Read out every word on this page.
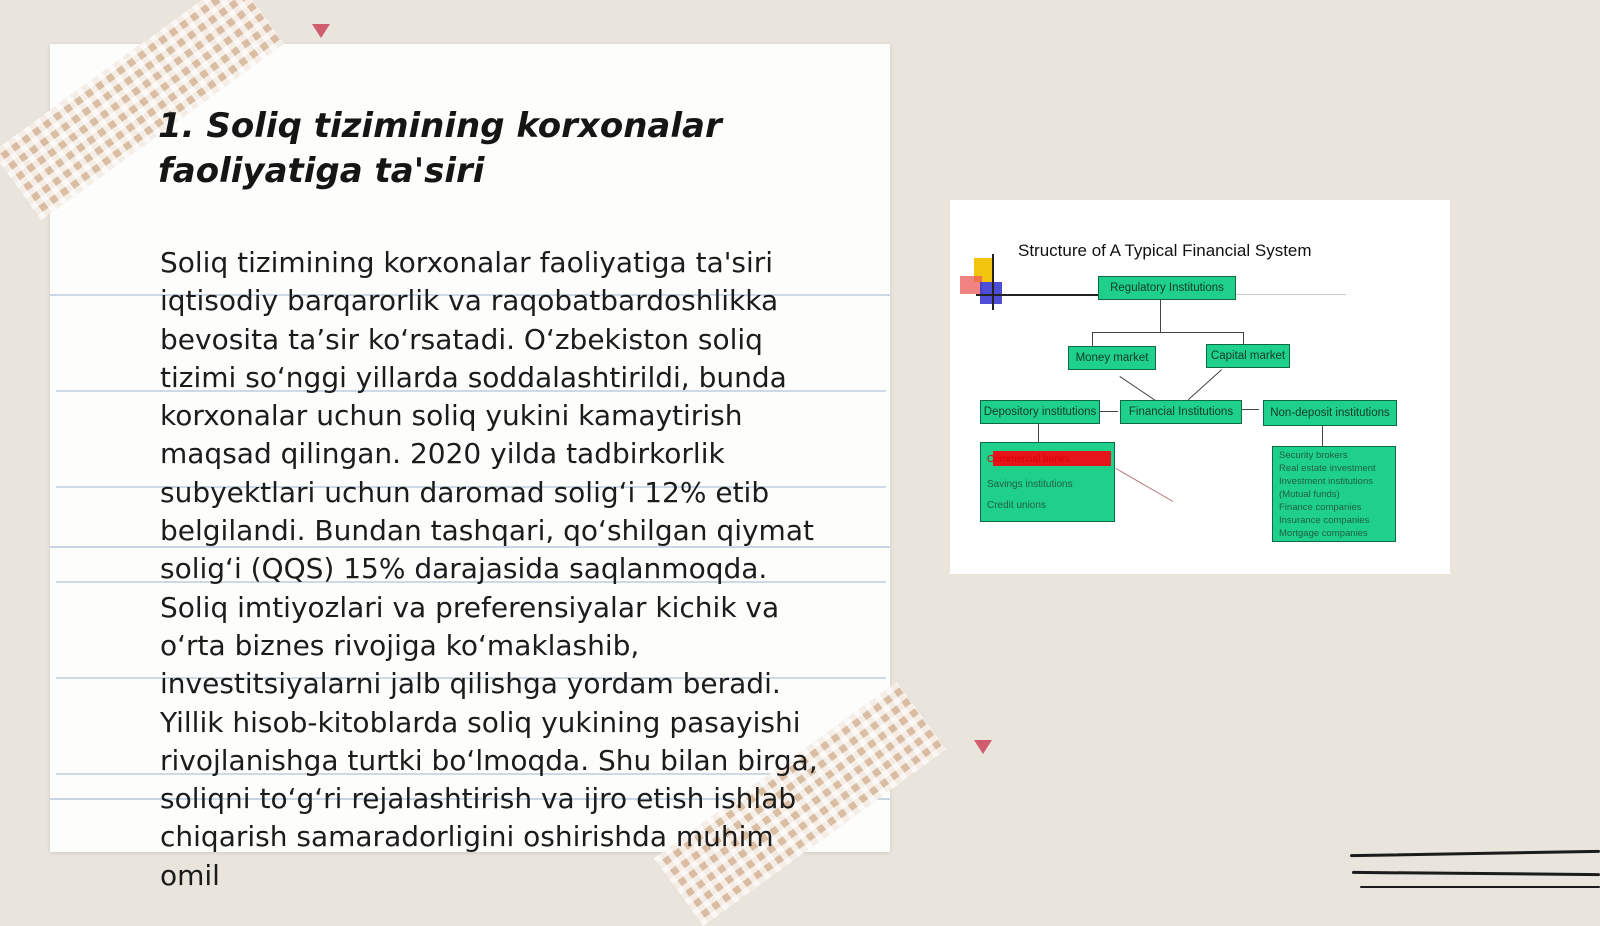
1. Soliq tizimining korxonalar faoliyatiga ta'siri

Soliq tizimining korxonalar faoliyatiga ta'siri iqtisodiy barqarorlik va raqobatbardoshlikka bevosita ta’sir ko‘rsatadi. O‘zbekiston soliq tizimi so‘nggi yillarda soddalashtirildi, bunda korxonalar uchun soliq yukini kamaytirish maqsad qilingan. 2020 yilda tadbirkorlik subyektlari uchun daromad solig‘i 12% etib belgilandi. Bundan tashqari, qo‘shilgan qiymat solig‘i (QQS) 15% darajasida saqlanmoqda. Soliq imtiyozlari va preferensiyalar kichik va o‘rta biznes rivojiga ko‘maklashib, investitsiyalarni jalb qilishga yordam beradi. Yillik hisob-kitoblarda soliq yukining pasayishi rivojlanishga turtki bo‘lmoqda. Shu bilan birga, soliqni to‘g‘ri rejalashtirish va ijro etish ishlab chiqarish samaradorligini oshirishda muhim omil

Structure of A Typical Financial System
Regulatory Institutions
Money market	Capital market
Depository institutions	Financial Institutions	Non-deposit institutions
Commercial banks
Savings institutions
Credit unions
Security brokers
Real estate investment
Investment institutions
(Mutual funds)
Finance companies
Insurance companies
Mortgage companies
